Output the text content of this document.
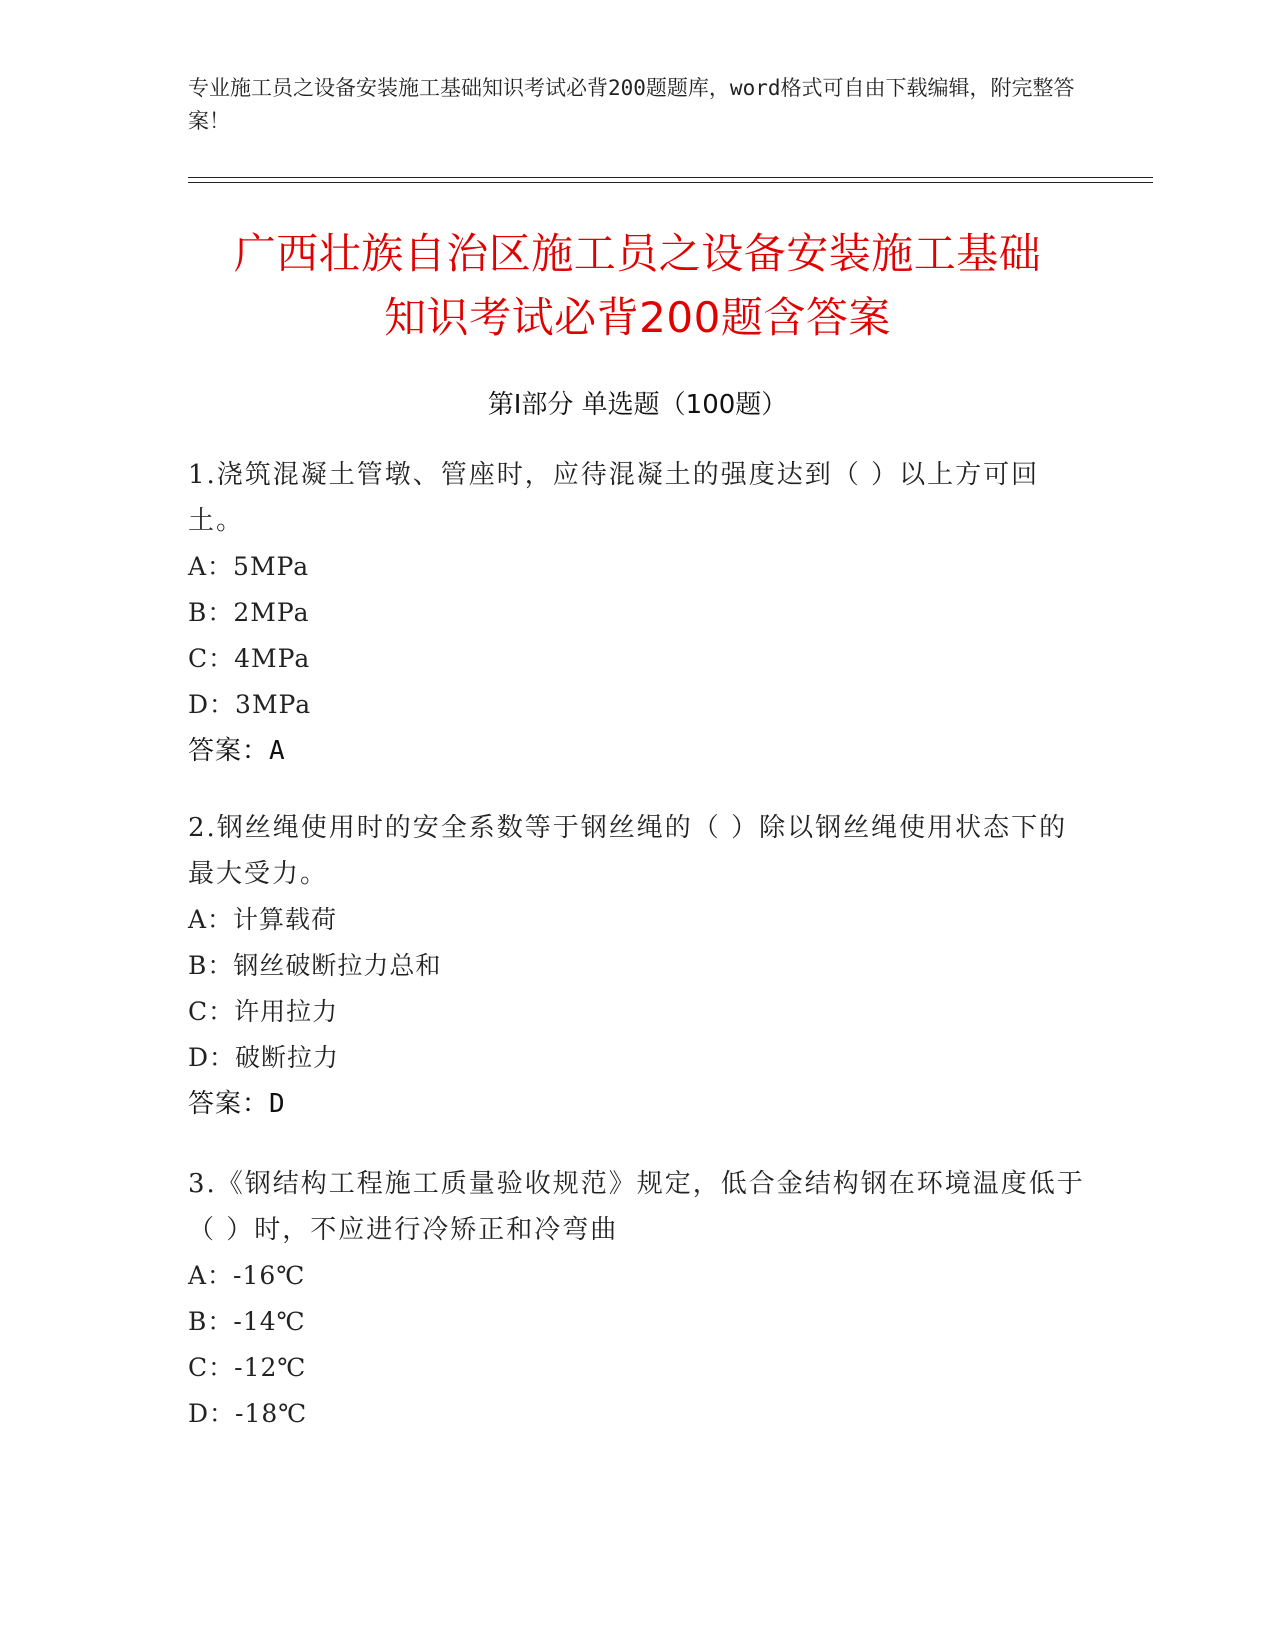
专业施工员之设备安装施工基础知识考试必背200题题库，word格式可自由下载编辑，附完整答案！
广西壮族自治区施工员之设备安装施工基础
知识考试必背200题含答案
第Ⅰ部分 单选题（100题）
1.浇筑混凝土管墩、管座时，应待混凝土的强度达到（ ）以上方可回土。
A：5MPa
B：2MPa
C：4MPa
D：3MPa
答案：A
2.钢丝绳使用时的安全系数等于钢丝绳的（ ）除以钢丝绳使用状态下的最大受力。
A：计算载荷
B：钢丝破断拉力总和
C：许用拉力
D：破断拉力
答案：D
3.《钢结构工程施工质量验收规范》规定，低合金结构钢在环境温度低于（ ）时，不应进行冷矫正和冷弯曲
A：-16℃
B：-14℃
C：-12℃
D：-18℃
